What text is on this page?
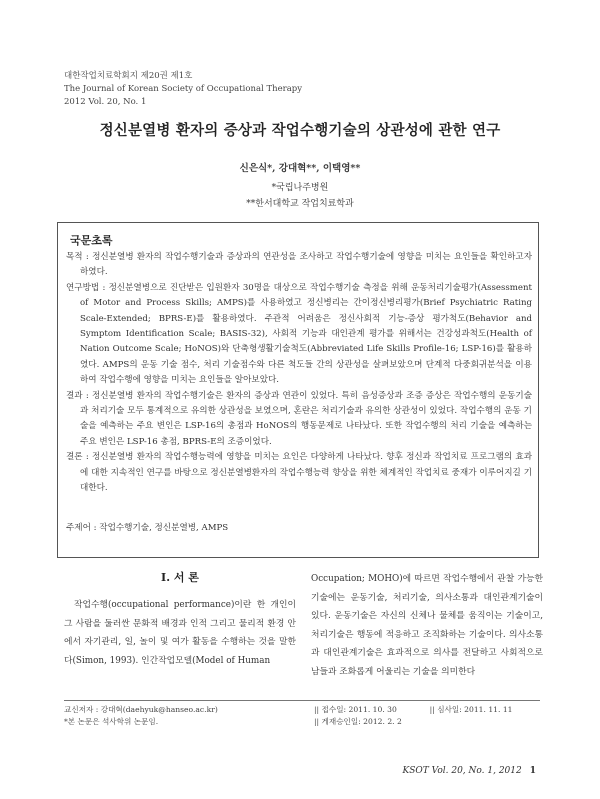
대한작업치료학회지 제20권 제1호
The Journal of Korean Society of Occupational Therapy
2012 Vol. 20, No. 1
정신분열병 환자의 증상과 작업수행기술의 상관성에 관한 연구
신은식*, 강대혁**, 이택영**
*국립나주병원
**한서대학교 작업치료학과
국문초록
목적 : 정신분열병 환자의 작업수행기술과 증상과의 연관성을 조사하고 작업수행기술에 영향을 미치는 요인들을 확인하고자 하였다.
연구방법 : 정신분열병으로 진단받은 입원환자 30명을 대상으로 작업수행기술 측정을 위해 운동처리기술평가(Assessment of Motor and Process Skills; AMPS)를 사용하였고 정신병리는 간이정신병리평가(Brief Psychiatric Rating Scale-Extended; BPRS-E)를 활용하였다. 주관적 어려움은 정신사회적 기능-증상 평가척도(Behavior and Symptom Identification Scale; BASIS-32), 사회적 기능과 대인관계 평가를 위해서는 건강성과척도(Health of Nation Outcome Scale; HoNOS)와 단축형생활기술척도(Abbreviated Life Skills Profile-16; LSP-16)를 활용하였다. AMPS의 운동 기술 점수, 처리 기술점수와 다른 척도들 간의 상관성을 살펴보았으며 단계적 다중회귀분석을 이용하여 작업수행에 영향을 미치는 요인들을 알아보았다.
결과 : 정신분열병 환자의 작업수행기술은 환자의 증상과 연관이 있었다. 특히 음성증상과 조증 증상은 작업수행의 운동기술과 처리기술 모두 통계적으로 유의한 상관성을 보였으며, 혼란은 처리기술과 유의한 상관성이 있었다. 작업수행의 운동 기술을 예측하는 주요 변인은 LSP-16의 총점과 HoNOS의 행동문제로 나타났다. 또한 작업수행의 처리 기술을 예측하는 주요 변인은 LSP-16 총점, BPRS-E의 조증이었다.
결론 : 정신분열병 환자의 작업수행능력에 영향을 미치는 요인은 다양하게 나타났다. 향후 정신과 작업치료 프로그램의 효과에 대한 지속적인 연구를 바탕으로 정신분열병환자의 작업수행능력 향상을 위한 체계적인 작업치료 중재가 이루어지길 기대한다.
주제어 : 작업수행기술, 정신분열병, AMPS
Ⅰ. 서 론
작업수행(occupational performance)이란 한 개인이 그 사람을 둘러싼 문화적 배경과 인적 그리고 물리적 환경 안에서 자기관리, 일, 놀이 및 여가 활동을 수행하는 것을 말한다(Simon, 1993). 인간작업모델(Model of Human
Occupation; MOHO)에 따르면 작업수행에서 관찰 가능한 기술에는 운동기술, 처리기술, 의사소통과 대인관계기술이 있다. 운동기술은 자신의 신체나 물체를 움직이는 기술이고, 처리기술은 행동에 적응하고 조직화하는 기술이다. 의사소통과 대인관계기술은 효과적으로 의사를 전달하고 사회적으로 남들과 조화롭게 어울리는 기술을 의미한다
교신저자 : 강대혁(daehyuk@hanseo.ac.kr)
*본 논문은 석사학위 논문임.
|| 접수일: 2011. 10. 30	|| 심사일: 2011. 11. 11
|| 게재승인일: 2012. 2. 2
KSOT Vol. 20, No. 1, 2012 1
